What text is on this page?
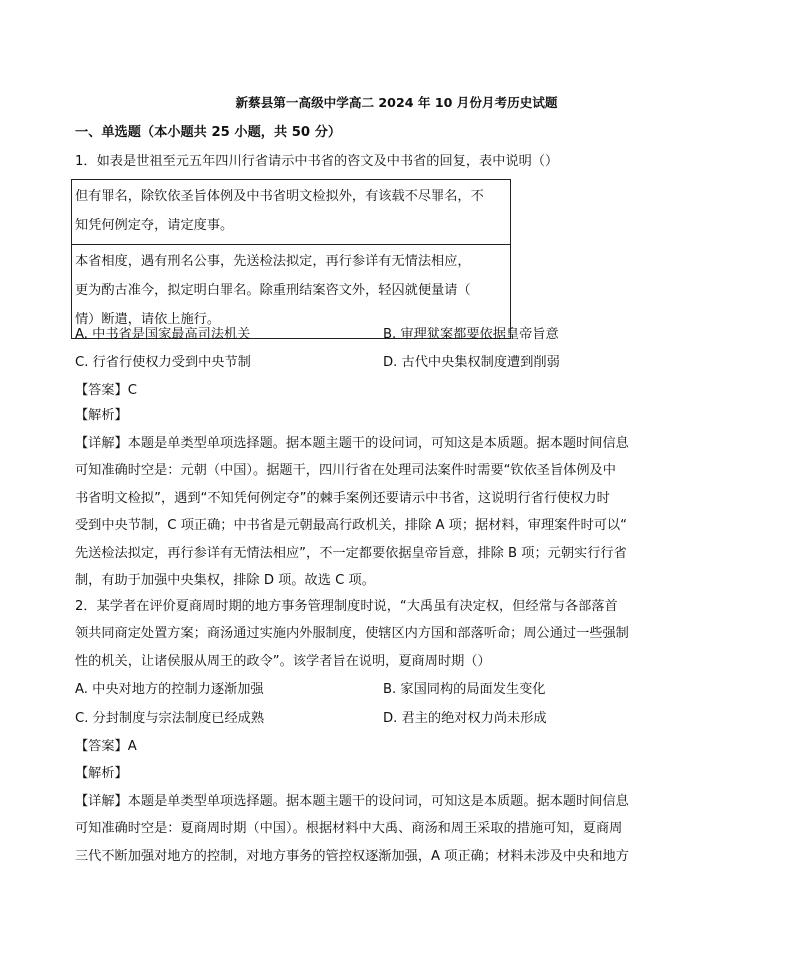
新蔡县第一高级中学高二 2024 年 10 月份月考历史试题
一、单选题（本小题共 25 小题，共 50 分）
1．如表是世祖至元五年四川行省请示中书省的咨文及中书省的回复，表中说明（）
但有罪名，除钦依圣旨体例及中书省明文检拟外，有该载不尽罪名，不
知凭何例定夺，请定度事。

本省相度，遇有刑名公事，先送检法拟定，再行参详有无情法相应，
更为酌古准今，拟定明白罪名。除重刑结案咨文外，轻囚就便量请（
情）断遣，请依上施行。
A. 中书省是国家最高司法机关	B. 审理狱案都要依据皇帝旨意
C. 行省行使权力受到中央节制	D. 古代中央集权制度遭到削弱
【答案】C
【解析】
【详解】本题是单类型单项选择题。据本题主题干的设问词，可知这是本质题。据本题时间信息
可知准确时空是：元朝（中国）。据题干，四川行省在处理司法案件时需要“钦依圣旨体例及中
书省明文检拟”，遇到“不知凭何例定夺”的棘手案例还要请示中书省，这说明行省行使权力时
受到中央节制，C 项正确；中书省是元朝最高行政机关，排除 A 项；据材料，审理案件时可以“
先送检法拟定，再行参详有无情法相应”，不一定都要依据皇帝旨意，排除 B 项；元朝实行行省
制，有助于加强中央集权，排除 D 项。故选 C 项。
2．某学者在评价夏商周时期的地方事务管理制度时说，“大禹虽有决定权，但经常与各部落首
领共同商定处置方案；商汤通过实施内外服制度，使辖区内方国和部落听命；周公通过一些强制
性的机关，让诸侯服从周王的政令”。该学者旨在说明，夏商周时期（）
A. 中央对地方的控制力逐渐加强	B. 家国同构的局面发生变化
C. 分封制度与宗法制度已经成熟	D. 君主的绝对权力尚未形成
【答案】A
【解析】
【详解】本题是单类型单项选择题。据本题主题干的设问词，可知这是本质题。据本题时间信息
可知准确时空是：夏商周时期（中国）。根据材料中大禹、商汤和周王采取的措施可知，夏商周
三代不断加强对地方的控制，对地方事务的管控权逐渐加强，A 项正确；材料未涉及中央和地方
